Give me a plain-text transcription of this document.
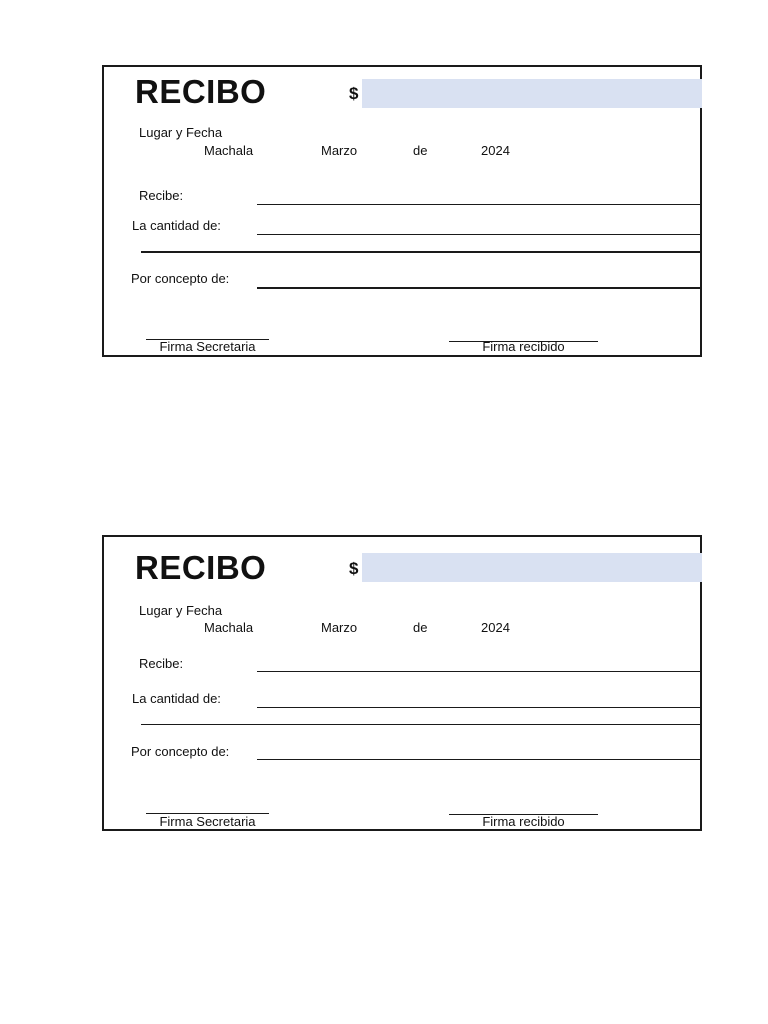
RECIBO	$
Lugar y Fecha
Machala	Marzo	de	2024
Recibe:
La cantidad de:
Por concepto de:
Firma Secretaria	Firma recibido
RECIBO	$
Lugar y Fecha
Machala	Marzo	de	2024
Recibe:
La cantidad de:
Por concepto de:
Firma Secretaria	Firma recibido
